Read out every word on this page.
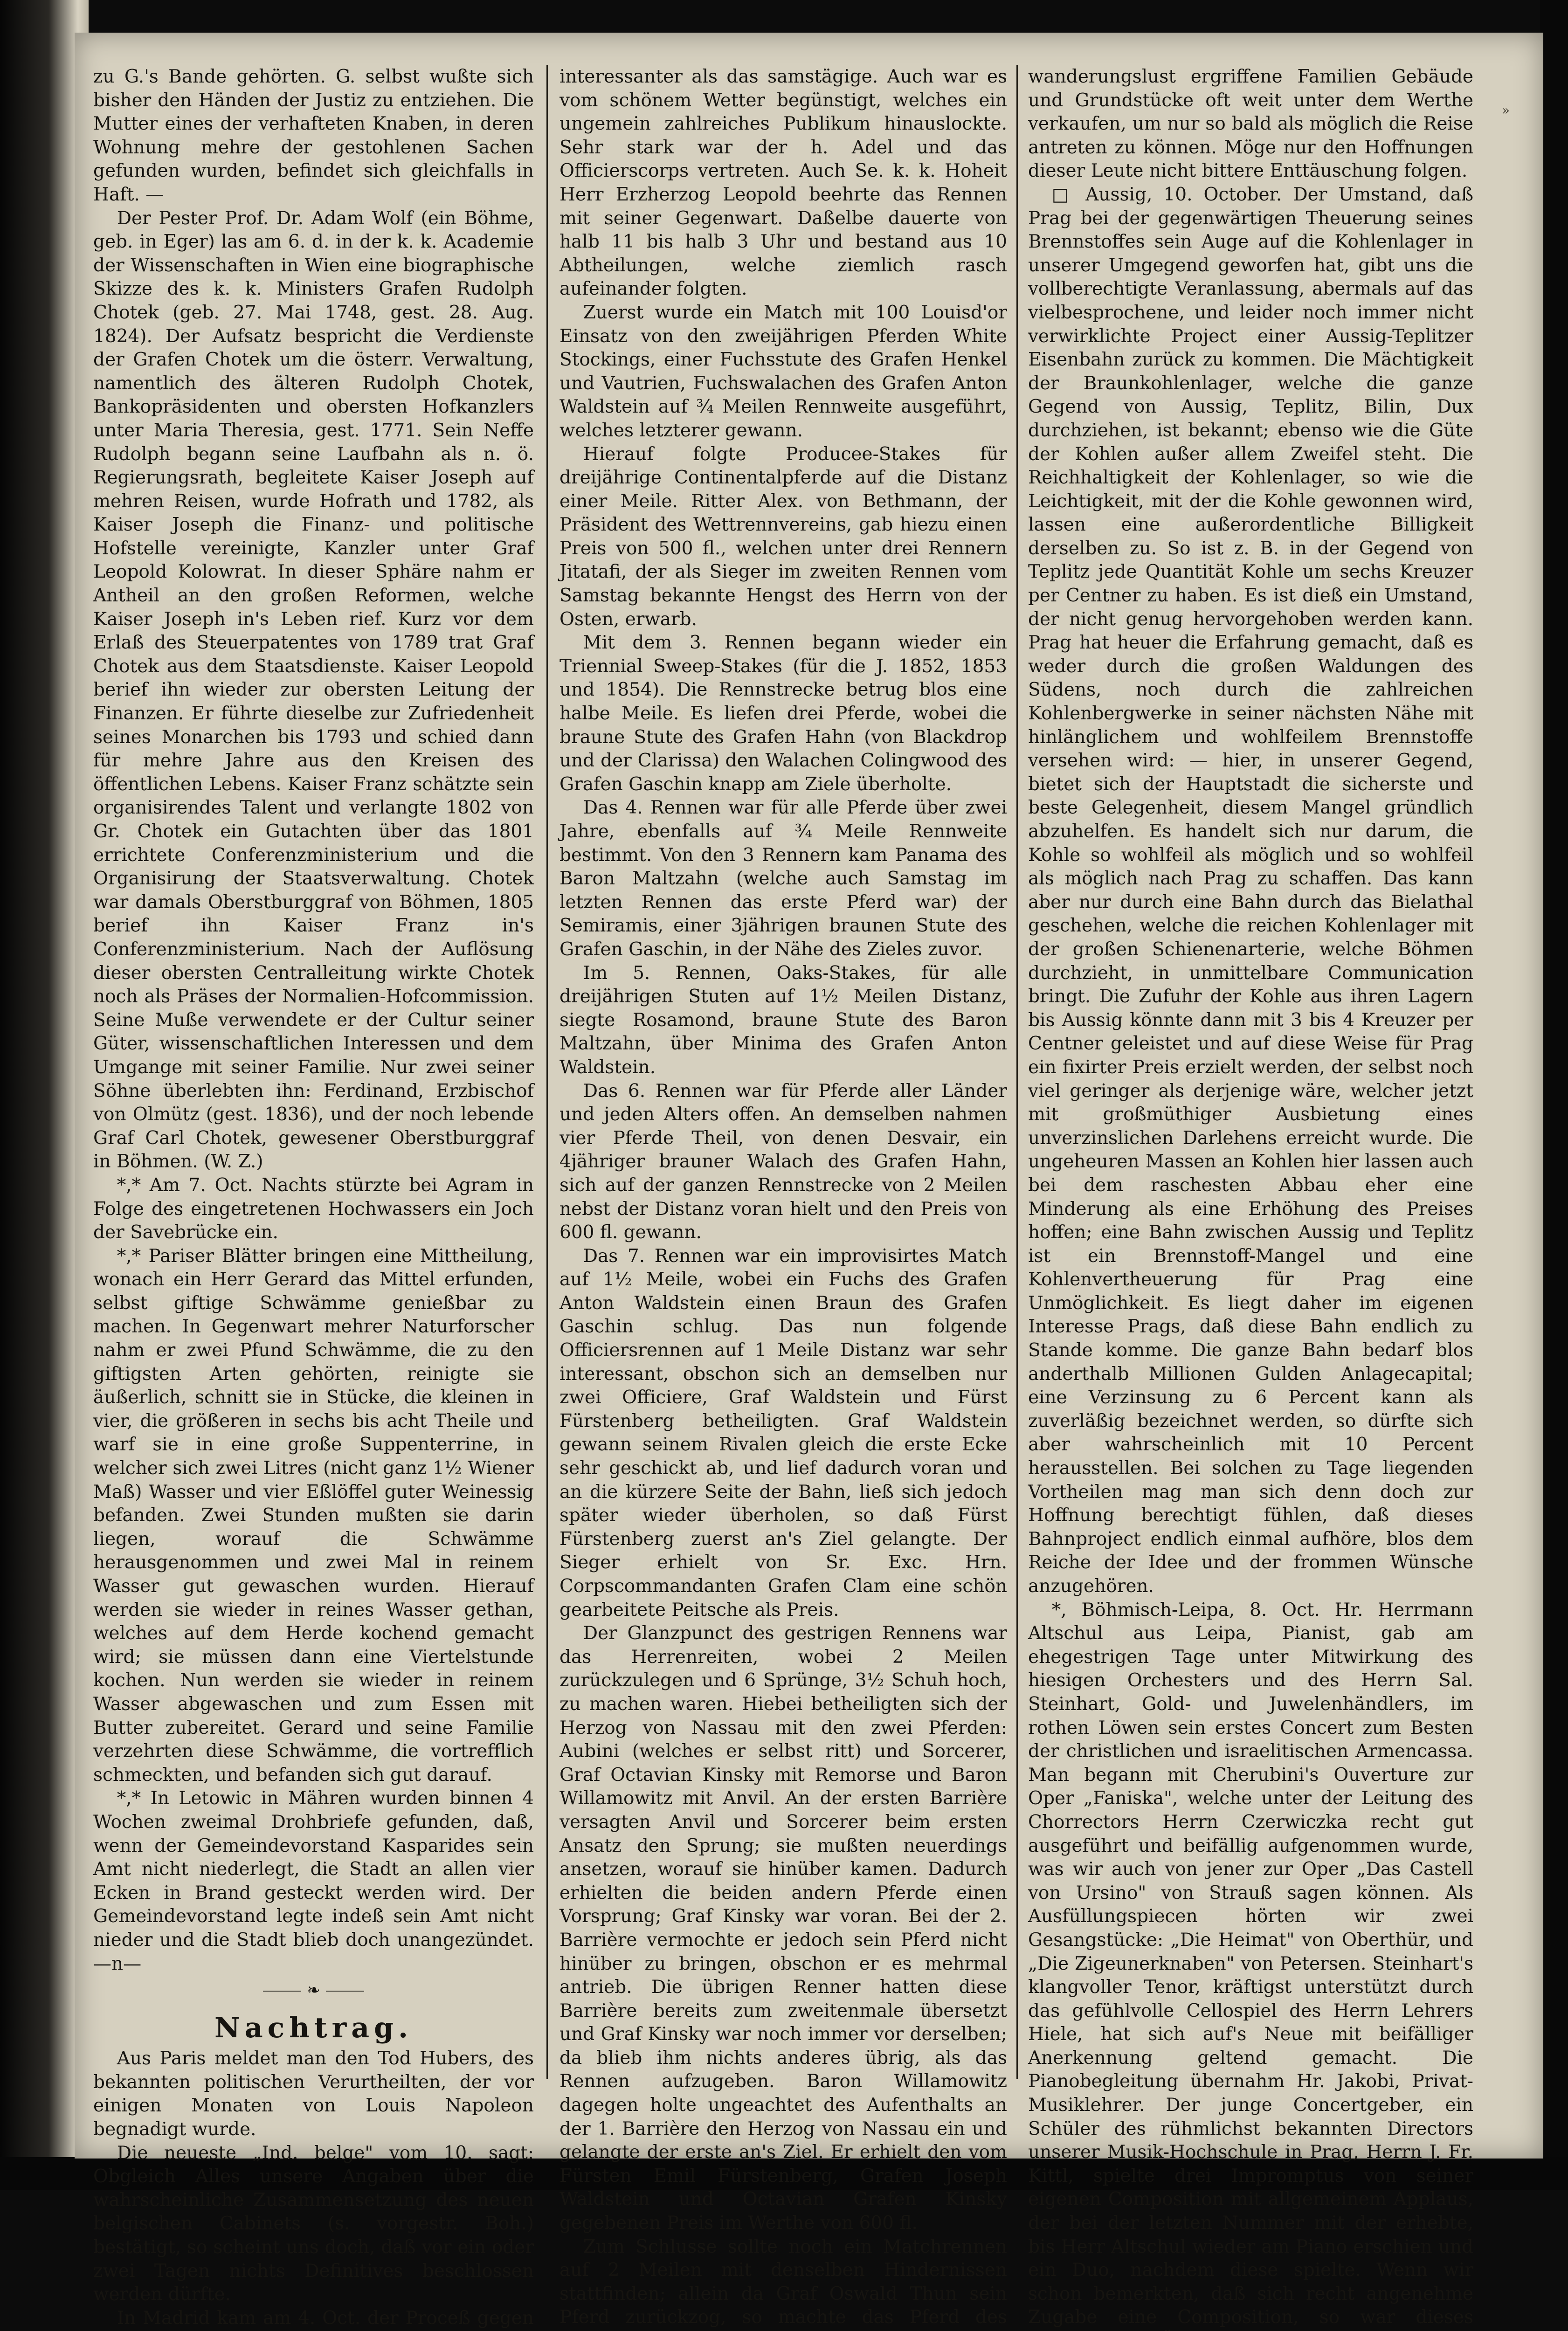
»

zu G.'s Bande gehörten. G. selbst wußte sich bisher den Händen der Justiz zu entziehen. Die Mutter eines der verhafteten Knaben, in deren Wohnung mehre der gestohlenen Sachen gefunden wurden, befindet sich gleichfalls in Haft. —

Der Pester Prof. Dr. Adam Wolf (ein Böhme, geb. in Eger) las am 6. d. in der k. k. Academie der Wissenschaften in Wien eine biographische Skizze des k. k. Ministers Grafen Rudolph Chotek (geb. 27. Mai 1748, gest. 28. Aug. 1824). Der Aufsatz bespricht die Verdienste der Grafen Chotek um die österr. Verwaltung, namentlich des älteren Rudolph Chotek, Bankopräsidenten und obersten Hofkanzlers unter Maria Theresia, gest. 1771. Sein Neffe Rudolph begann seine Laufbahn als n. ö. Regierungsrath, begleitete Kaiser Joseph auf mehren Reisen, wurde Hofrath und 1782, als Kaiser Joseph die Finanz- und politische Hofstelle vereinigte, Kanzler unter Graf Leopold Kolowrat. In dieser Sphäre nahm er Antheil an den großen Reformen, welche Kaiser Joseph in's Leben rief. Kurz vor dem Erlaß des Steuerpatentes von 1789 trat Graf Chotek aus dem Staatsdienste. Kaiser Leopold berief ihn wieder zur obersten Leitung der Finanzen. Er führte dieselbe zur Zufriedenheit seines Monarchen bis 1793 und schied dann für mehre Jahre aus den Kreisen des öffentlichen Lebens. Kaiser Franz schätzte sein organisirendes Talent und verlangte 1802 von Gr. Chotek ein Gutachten über das 1801 errichtete Conferenzministerium und die Organisirung der Staatsverwaltung. Chotek war damals Oberstburggraf von Böhmen, 1805 berief ihn Kaiser Franz in's Conferenzministerium. Nach der Auflösung dieser obersten Centralleitung wirkte Chotek noch als Präses der Normalien-Hofcommission. Seine Muße verwendete er der Cultur seiner Güter, wissenschaftlichen Interessen und dem Umgange mit seiner Familie. Nur zwei seiner Söhne überlebten ihn: Ferdinand, Erzbischof von Olmütz (gest. 1836), und der noch lebende Graf Carl Chotek, gewesener Oberstburggraf in Böhmen. (W. Z.)

*,* Am 7. Oct. Nachts stürzte bei Agram in Folge des eingetretenen Hochwassers ein Joch der Savebrücke ein.

*,* Pariser Blätter bringen eine Mittheilung, wonach ein Herr Gerard das Mittel erfunden, selbst giftige Schwämme genießbar zu machen. In Gegenwart mehrer Naturforscher nahm er zwei Pfund Schwämme, die zu den giftigsten Arten gehörten, reinigte sie äußerlich, schnitt sie in Stücke, die kleinen in vier, die größeren in sechs bis acht Theile und warf sie in eine große Suppenterrine, in welcher sich zwei Litres (nicht ganz 1½ Wiener Maß) Wasser und vier Eßlöffel guter Weinessig befanden. Zwei Stunden mußten sie darin liegen, worauf die Schwämme herausgenommen und zwei Mal in reinem Wasser gut gewaschen wurden. Hierauf werden sie wieder in reines Wasser gethan, welches auf dem Herde kochend gemacht wird; sie müssen dann eine Viertelstunde kochen. Nun werden sie wieder in reinem Wasser abgewaschen und zum Essen mit Butter zubereitet. Gerard und seine Familie verzehrten diese Schwämme, die vortrefflich schmeckten, und befanden sich gut darauf.

*,* In Letowic in Mähren wurden binnen 4 Wochen zweimal Drohbriefe gefunden, daß, wenn der Gemeindevorstand Kasparides sein Amt nicht niederlegt, die Stadt an allen vier Ecken in Brand gesteckt werden wird. Der Gemeindevorstand legte indeß sein Amt nicht nieder und die Stadt blieb doch unangezündet. —n—

⸻ ❧ ⸻
Nachtrag.

Aus Paris meldet man den Tod Hubers, des bekannten politischen Verurtheilten, der vor einigen Monaten von Louis Napoleon begnadigt wurde.

Die neueste „Ind. belge" vom 10. sagt: Obgleich Alles unsere Angaben über die wahrscheinliche Zusammensetzung des neuen belgischen Cabinets (s. vorgestr. Boh.) bestätigt, so scheint uns doch, daß vor ein oder zwei Tagen nichts Definitives beschlossen werden dürfte.

In Madrid kam am 4. Oct. der Proceß gegen

interessanter als das samstägige. Auch war es vom schönem Wetter begünstigt, welches ein ungemein zahlreiches Publikum hinauslockte. Sehr stark war der h. Adel und das Officierscorps vertreten. Auch Se. k. k. Hoheit Herr Erzherzog Leopold beehrte das Rennen mit seiner Gegenwart. Daßelbe dauerte von halb 11 bis halb 3 Uhr und bestand aus 10 Abtheilungen, welche ziemlich rasch aufeinander folgten.

Zuerst wurde ein Match mit 100 Louisd'or Einsatz von den zweijährigen Pferden White Stockings, einer Fuchsstute des Grafen Henkel und Vautrien, Fuchswalachen des Grafen Anton Waldstein auf ¾ Meilen Rennweite ausgeführt, welches letzterer gewann.

Hierauf folgte Producee-Stakes für dreijährige Continentalpferde auf die Distanz einer Meile. Ritter Alex. von Bethmann, der Präsident des Wettrennvereins, gab hiezu einen Preis von 500 fl., welchen unter drei Rennern Jitatafi, der als Sieger im zweiten Rennen vom Samstag bekannte Hengst des Herrn von der Osten, erwarb.

Mit dem 3. Rennen begann wieder ein Triennial Sweep-Stakes (für die J. 1852, 1853 und 1854). Die Rennstrecke betrug blos eine halbe Meile. Es liefen drei Pferde, wobei die braune Stute des Grafen Hahn (von Blackdrop und der Clarissa) den Walachen Colingwood des Grafen Gaschin knapp am Ziele überholte.

Das 4. Rennen war für alle Pferde über zwei Jahre, ebenfalls auf ¾ Meile Rennweite bestimmt. Von den 3 Rennern kam Panama des Baron Maltzahn (welche auch Samstag im letzten Rennen das erste Pferd war) der Semiramis, einer 3jährigen braunen Stute des Grafen Gaschin, in der Nähe des Zieles zuvor.

Im 5. Rennen, Oaks-Stakes, für alle dreijährigen Stuten auf 1½ Meilen Distanz, siegte Rosamond, braune Stute des Baron Maltzahn, über Minima des Grafen Anton Waldstein.

Das 6. Rennen war für Pferde aller Länder und jeden Alters offen. An demselben nahmen vier Pferde Theil, von denen Desvair, ein 4jähriger brauner Walach des Grafen Hahn, sich auf der ganzen Rennstrecke von 2 Meilen nebst der Distanz voran hielt und den Preis von 600 fl. gewann.

Das 7. Rennen war ein improvisirtes Match auf 1½ Meile, wobei ein Fuchs des Grafen Anton Waldstein einen Braun des Grafen Gaschin schlug. Das nun folgende Officiersrennen auf 1 Meile Distanz war sehr interessant, obschon sich an demselben nur zwei Officiere, Graf Waldstein und Fürst Fürstenberg betheiligten. Graf Waldstein gewann seinem Rivalen gleich die erste Ecke sehr geschickt ab, und lief dadurch voran und an die kürzere Seite der Bahn, ließ sich jedoch später wieder überholen, so daß Fürst Fürstenberg zuerst an's Ziel gelangte. Der Sieger erhielt von Sr. Exc. Hrn. Corpscommandanten Grafen Clam eine schön gearbeitete Peitsche als Preis.

Der Glanzpunct des gestrigen Rennens war das Herrenreiten, wobei 2 Meilen zurückzulegen und 6 Sprünge, 3½ Schuh hoch, zu machen waren. Hiebei betheiligten sich der Herzog von Nassau mit den zwei Pferden: Aubini (welches er selbst ritt) und Sorcerer, Graf Octavian Kinsky mit Remorse und Baron Willamowitz mit Anvil. An der ersten Barrière versagten Anvil und Sorcerer beim ersten Ansatz den Sprung; sie mußten neuerdings ansetzen, worauf sie hinüber kamen. Dadurch erhielten die beiden andern Pferde einen Vorsprung; Graf Kinsky war voran. Bei der 2. Barrière vermochte er jedoch sein Pferd nicht hinüber zu bringen, obschon er es mehrmal antrieb. Die übrigen Renner hatten diese Barrière bereits zum zweitenmale übersetzt und Graf Kinsky war noch immer vor derselben; da blieb ihm nichts anderes übrig, als das Rennen aufzugeben. Baron Willamowitz dagegen holte ungeachtet des Aufenthalts an der 1. Barrière den Herzog von Nassau ein und gelangte der erste an's Ziel. Er erhielt den vom Fürsten Emil Fürstenberg, Grafen Joseph Waldstein und Octavian Grafen Kinsky gegebenen Preis im Werthe von 600 fl.

Zum Schlusse sollte noch ein Matchrennen auf 2 Meilen mit denselben Hindernissen stattfinden; allein da Graf Oswald Thun sein Pferd zurückzog, so machte das Pferd des

wanderungslust ergriffene Familien Gebäude und Grundstücke oft weit unter dem Werthe verkaufen, um nur so bald als möglich die Reise antreten zu können. Möge nur den Hoffnungen dieser Leute nicht bittere Enttäuschung folgen.

□ Aussig, 10. October. Der Umstand, daß Prag bei der gegenwärtigen Theuerung seines Brennstoffes sein Auge auf die Kohlenlager in unserer Umgegend geworfen hat, gibt uns die vollberechtigte Veranlassung, abermals auf das vielbesprochene, und leider noch immer nicht verwirklichte Project einer Aussig-Teplitzer Eisenbahn zurück zu kommen. Die Mächtigkeit der Braunkohlenlager, welche die ganze Gegend von Aussig, Teplitz, Bilin, Dux durchziehen, ist bekannt; ebenso wie die Güte der Kohlen außer allem Zweifel steht. Die Reichhaltigkeit der Kohlenlager, so wie die Leichtigkeit, mit der die Kohle gewonnen wird, lassen eine außerordentliche Billigkeit derselben zu. So ist z. B. in der Gegend von Teplitz jede Quantität Kohle um sechs Kreuzer per Centner zu haben. Es ist dieß ein Umstand, der nicht genug hervorgehoben werden kann. Prag hat heuer die Erfahrung gemacht, daß es weder durch die großen Waldungen des Südens, noch durch die zahlreichen Kohlenbergwerke in seiner nächsten Nähe mit hinlänglichem und wohlfeilem Brennstoffe versehen wird: — hier, in unserer Gegend, bietet sich der Hauptstadt die sicherste und beste Gelegenheit, diesem Mangel gründlich abzuhelfen. Es handelt sich nur darum, die Kohle so wohlfeil als möglich und so wohlfeil als möglich nach Prag zu schaffen. Das kann aber nur durch eine Bahn durch das Bielathal geschehen, welche die reichen Kohlenlager mit der großen Schienenarterie, welche Böhmen durchzieht, in unmittelbare Communication bringt. Die Zufuhr der Kohle aus ihren Lagern bis Aussig könnte dann mit 3 bis 4 Kreuzer per Centner geleistet und auf diese Weise für Prag ein fixirter Preis erzielt werden, der selbst noch viel geringer als derjenige wäre, welcher jetzt mit großmüthiger Ausbietung eines unverzinslichen Darlehens erreicht wurde. Die ungeheuren Massen an Kohlen hier lassen auch bei dem raschesten Abbau eher eine Minderung als eine Erhöhung des Preises hoffen; eine Bahn zwischen Aussig und Teplitz ist ein Brennstoff-Mangel und eine Kohlenvertheuerung für Prag eine Unmöglichkeit. Es liegt daher im eigenen Interesse Prags, daß diese Bahn endlich zu Stande komme. Die ganze Bahn bedarf blos anderthalb Millionen Gulden Anlagecapital; eine Verzinsung zu 6 Percent kann als zuverläßig bezeichnet werden, so dürfte sich aber wahrscheinlich mit 10 Percent herausstellen. Bei solchen zu Tage liegenden Vortheilen mag man sich denn doch zur Hoffnung berechtigt fühlen, daß dieses Bahnproject endlich einmal aufhöre, blos dem Reiche der Idee und der frommen Wünsche anzugehören.

*, Böhmisch-Leipa, 8. Oct. Hr. Herrmann Altschul aus Leipa, Pianist, gab am ehegestrigen Tage unter Mitwirkung des hiesigen Orchesters und des Herrn Sal. Steinhart, Gold- und Juwelenhändlers, im rothen Löwen sein erstes Concert zum Besten der christlichen und israelitischen Armencassa. Man begann mit Cherubini's Ouverture zur Oper „Faniska", welche unter der Leitung des Chorrectors Herrn Czerwiczka recht gut ausgeführt und beifällig aufgenommen wurde, was wir auch von jener zur Oper „Das Castell von Ursino" von Strauß sagen können. Als Ausfüllungspiecen hörten wir zwei Gesangstücke: „Die Heimat" von Oberthür, und „Die Zigeunerknaben" von Petersen. Steinhart's klangvoller Tenor, kräftigst unterstützt durch das gefühlvolle Cellospiel des Herrn Lehrers Hiele, hat sich auf's Neue mit beifälliger Anerkennung geltend gemacht. Die Pianobegleitung übernahm Hr. Jakobi, Privat-Musiklehrer. Der junge Concertgeber, ein Schüler des rühmlichst bekannten Directors unserer Musik-Hochschule in Prag, Herrn J. Fr. Kittl, spielte drei Impromptus von seiner eigenen Composition mit allgemeinem Applaus, der bei der letzten Nummer mit der erhebte, bis Herr Altschul wieder am Piano erschien und ein Duo, nachdem diese spielte. Wenn wir schon bemerkten, daß sich recht angenehme Zugabe eine Composition, so war dieses
